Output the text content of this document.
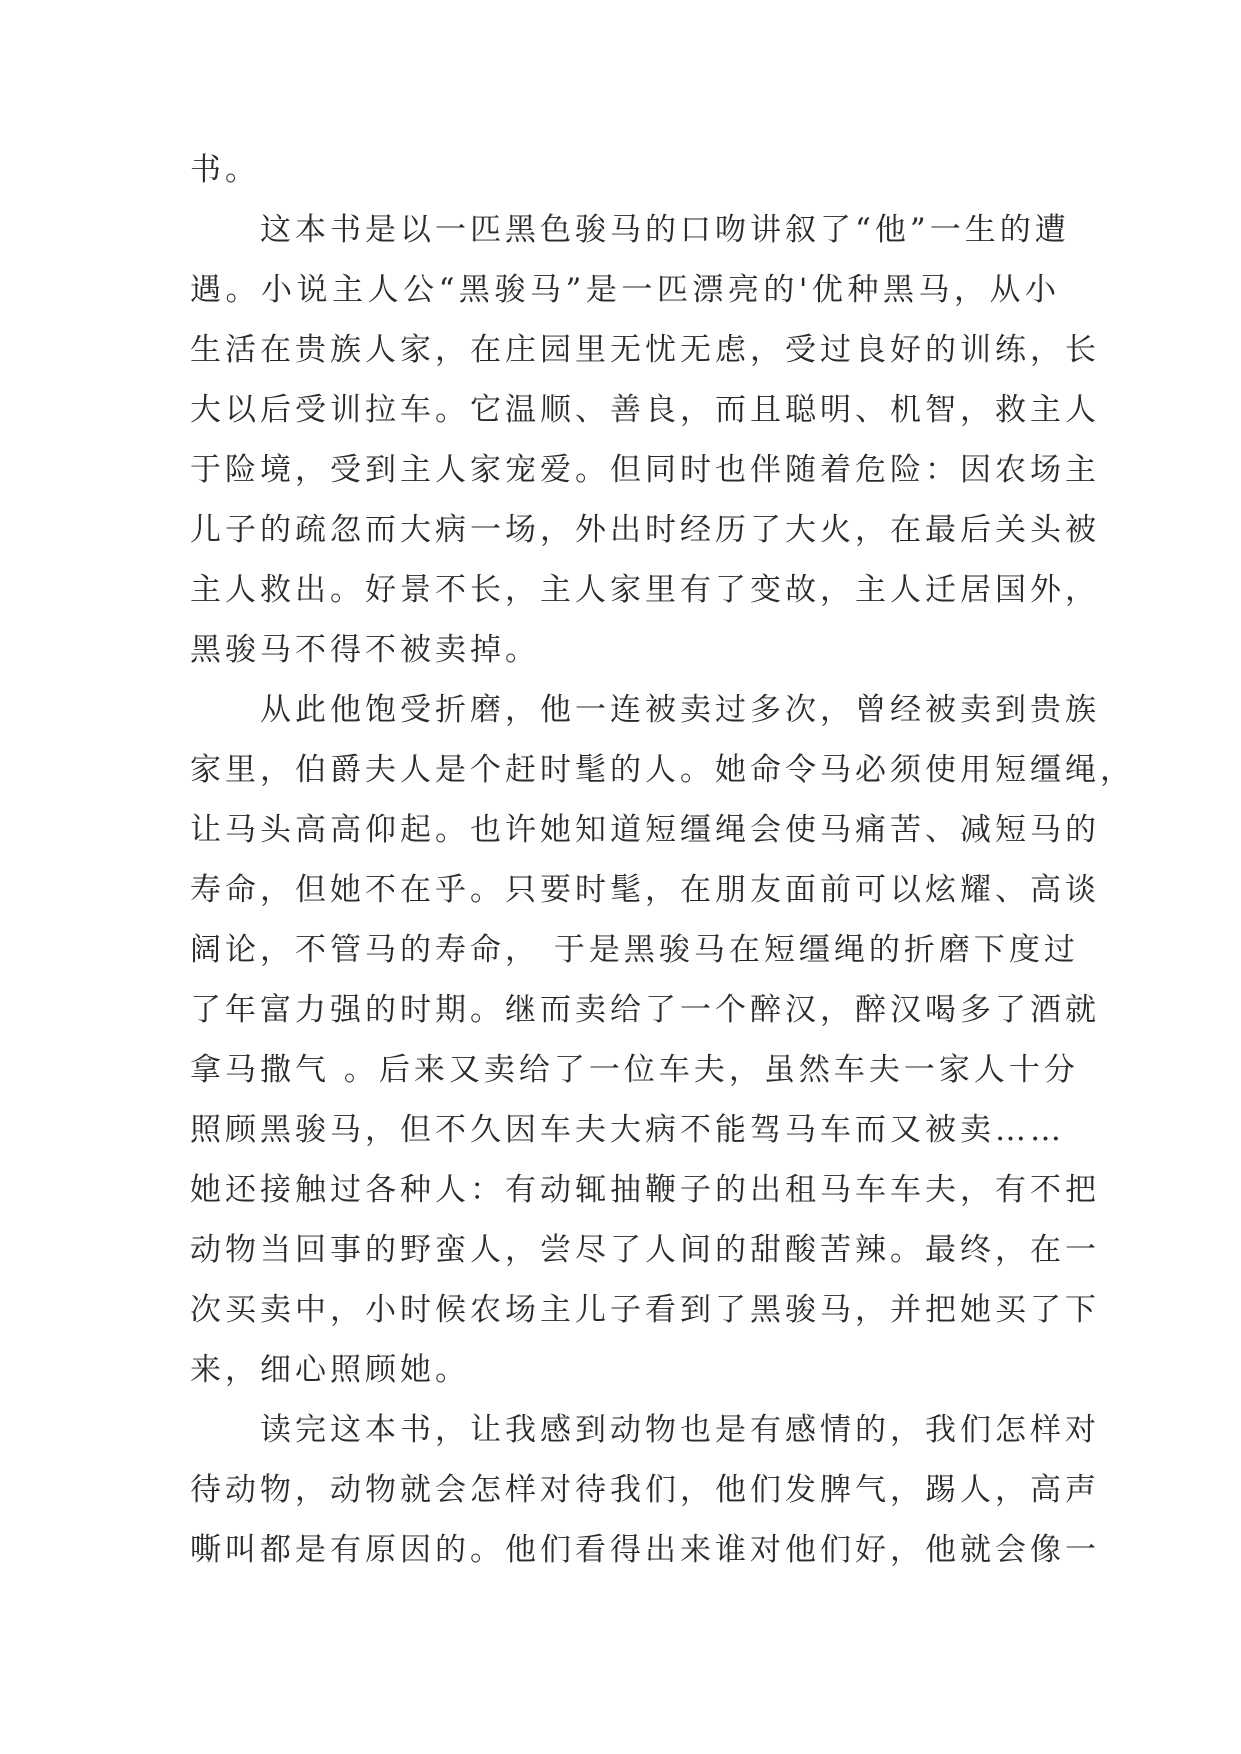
书。
这本书是以一匹黑色骏马的口吻讲叙了“他”一生的遭
遇。小说主人公“黑骏马”是一匹漂亮的'优种黑马，从小
生活在贵族人家，在庄园里无忧无虑，受过良好的训练，长
大以后受训拉车。它温顺、善良，而且聪明、机智，救主人
于险境，受到主人家宠爱。但同时也伴随着危险：因农场主
儿子的疏忽而大病一场，外出时经历了大火，在最后关头被
主人救出。好景不长，主人家里有了变故，主人迁居国外，
黑骏马不得不被卖掉。
从此他饱受折磨，他一连被卖过多次，曾经被卖到贵族
家里，伯爵夫人是个赶时髦的人。她命令马必须使用短缰绳，
让马头高高仰起。也许她知道短缰绳会使马痛苦、减短马的
寿命，但她不在乎。只要时髦，在朋友面前可以炫耀、高谈
阔论，不管马的寿命， 于是黑骏马在短缰绳的折磨下度过
了年富力强的时期。继而卖给了一个醉汉，醉汉喝多了酒就
拿马撒气 。后来又卖给了一位车夫，虽然车夫一家人十分
照顾黑骏马，但不久因车夫大病不能驾马车而又被卖……
她还接触过各种人：有动辄抽鞭子的出租马车车夫，有不把
动物当回事的野蛮人，尝尽了人间的甜酸苦辣。最终，在一
次买卖中，小时候农场主儿子看到了黑骏马，并把她买了下
来，细心照顾她。
读完这本书，让我感到动物也是有感情的，我们怎样对
待动物，动物就会怎样对待我们，他们发脾气，踢人，高声
嘶叫都是有原因的。他们看得出来谁对他们好，他就会像一
